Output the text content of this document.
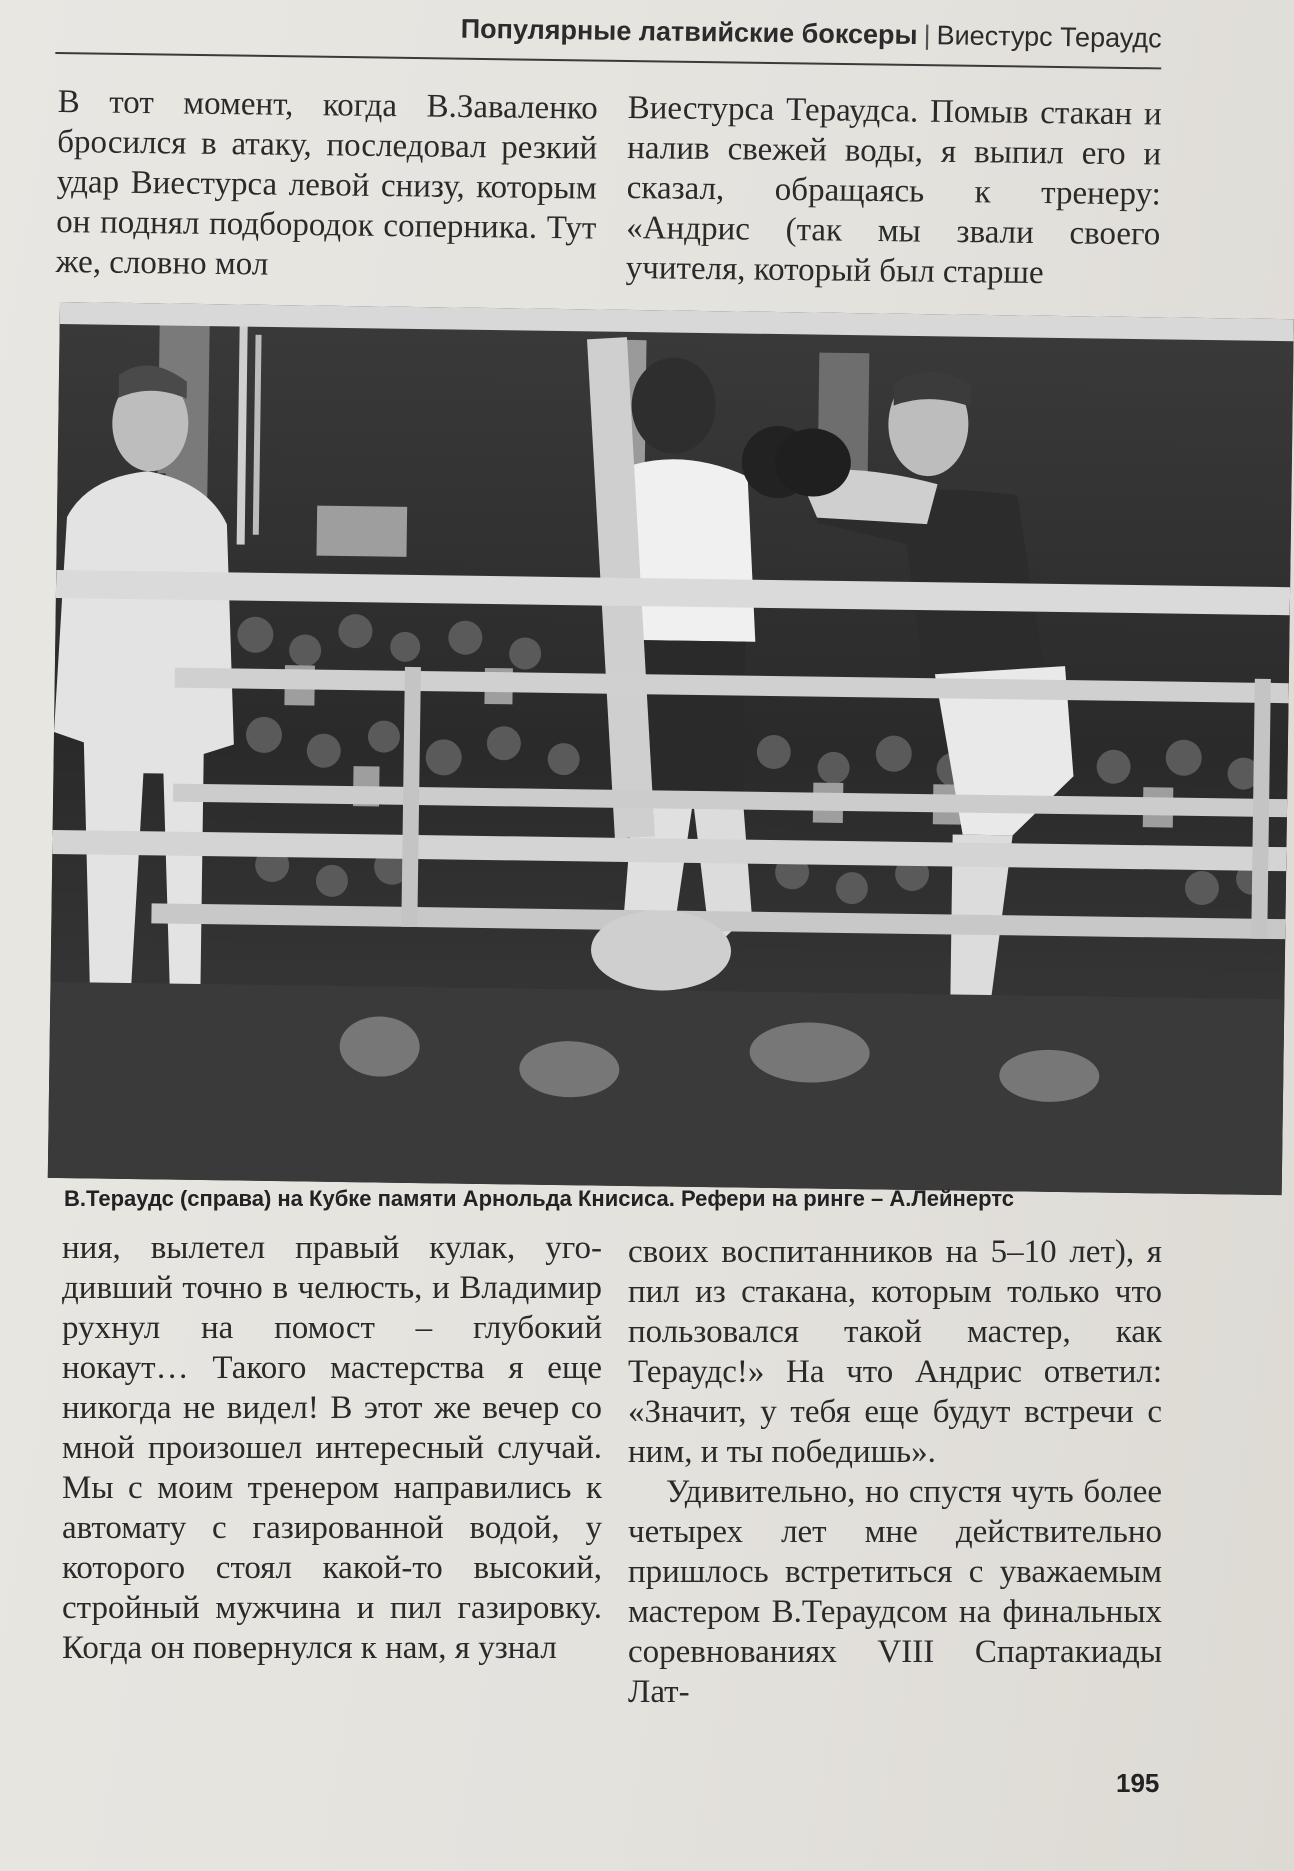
Популярные латвийские боксеры | Виестурс Тераудс

В тот момент, когда В.Заваленко бросился в атаку, последовал резкий удар Виестурса левой снизу, которым он поднял подбородок соперника. Тут же, словно мол

Виестурса Тераудса. Помыв стакан и налив свежей воды, я выпил его и сказал, обращаясь к тренеру: «Андрис (так мы звали своего учителя, который был старше

В.Тераудс (справа) на Кубке памяти Арнольда Книсиса. Рефери на ринге – А.Лейнертс

ния, вылетел правый кулак, угодивший точно в челюсть, и Владимир рухнул на помост – глубокий нокаут… Такого мастерства я еще никогда не видел! В этот же вечер со мной произошел интересный случай. Мы с моим тренером направились к автомату с газированной водой, у которого стоял какой-то высокий, стройный мужчина и пил газировку. Когда он повернулся к нам, я узнал

своих воспитанников на 5–10 лет), я пил из стакана, которым только что пользовался такой мастер, как Тераудс!» На что Андрис ответил: «Значит, у тебя еще будут встречи с ним, и ты победишь».

Удивительно, но спустя чуть более четырех лет мне действительно пришлось встретиться с уважаемым мастером В.Тераудсом на финальных соревнованиях VIII Спартакиады Лат-

195
